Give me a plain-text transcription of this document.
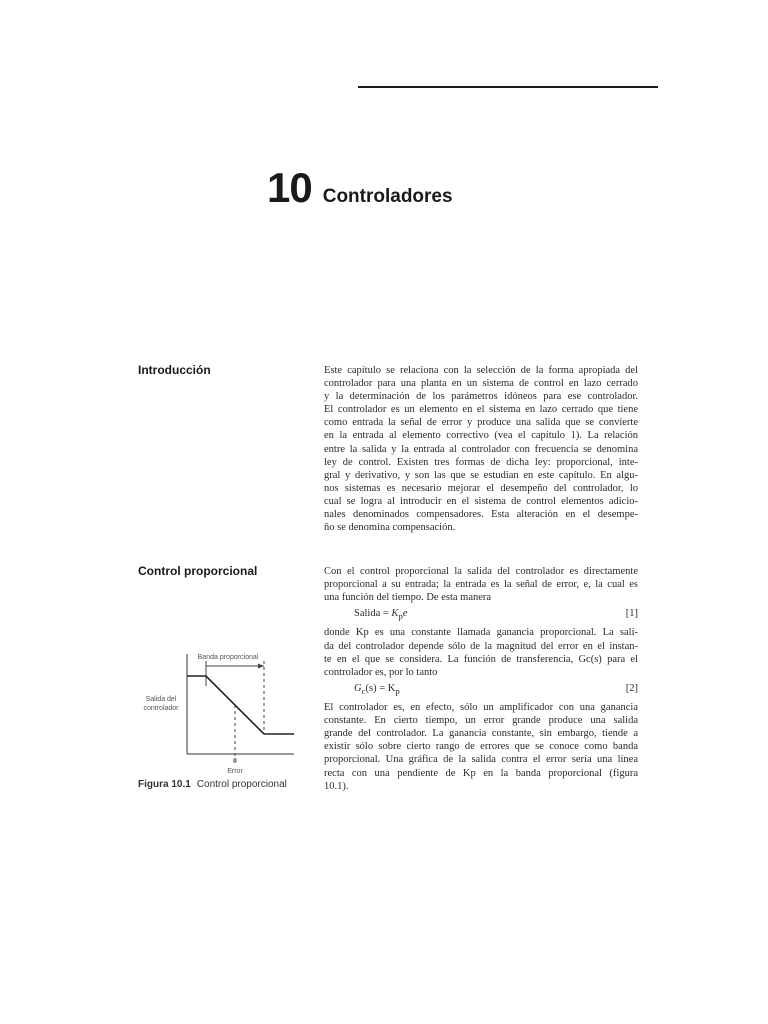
10 Controladores
Introducción	Este capítulo se relaciona con la selección de la forma apropiada del
controlador para una planta en un sistema de control en lazo cerrado
y la determinación de los parámetros idóneos para ese controlador.
El controlador es un elemento en el sistema en lazo cerrado que tiene
como entrada la señal de error y produce una salida que se convierte
en la entrada al elemento correctivo (vea el capítulo 1). La relación
entre la salida y la entrada al controlador con frecuencia se denomina
ley de control. Existen tres formas de dicha ley: proporcional, inte-
gral y derivativo, y son las que se estudian en este capítulo. En algu-
nos sistemas es necesario mejorar el desempeño del controlador, lo
cual se logra al introducir en el sistema de control elementos adicio-
nales denominados compensadores. Esta alteración en el desempe-
ño se denomina compensación.

Control proporcional	Con el control proporcional la salida del controlador es directamente
proporcional a su entrada; la entrada es la señal de error, e, la cual es
una función del tiempo. De esta manera

Salida = $K_pe$	[1]

donde Kp es una constante llamada ganancia proporcional. La sali-
da del controlador depende sólo de la magnitud del error en el instan-
te en el que se considera. La función de transferencia, Gc(s) para el
controlador es, por lo tanto

$G_c(s) = K_p$	[2]

El controlador es, en efecto, sólo un amplificador con una ganancia
constante. En cierto tiempo, un error grande produce una salida
grande del controlador. La ganancia constante, sin embargo, tiende a
existir sólo sobre cierto rango de errores que se conoce como banda
proporcional. Una gráfica de la salida contra el error sería una línea
recta con una pendiente de Kp en la banda proporcional (figura
10.1).

Banda proporcional
Salida del
controlador
0
Error
Figura 10.1 Control proporcional
